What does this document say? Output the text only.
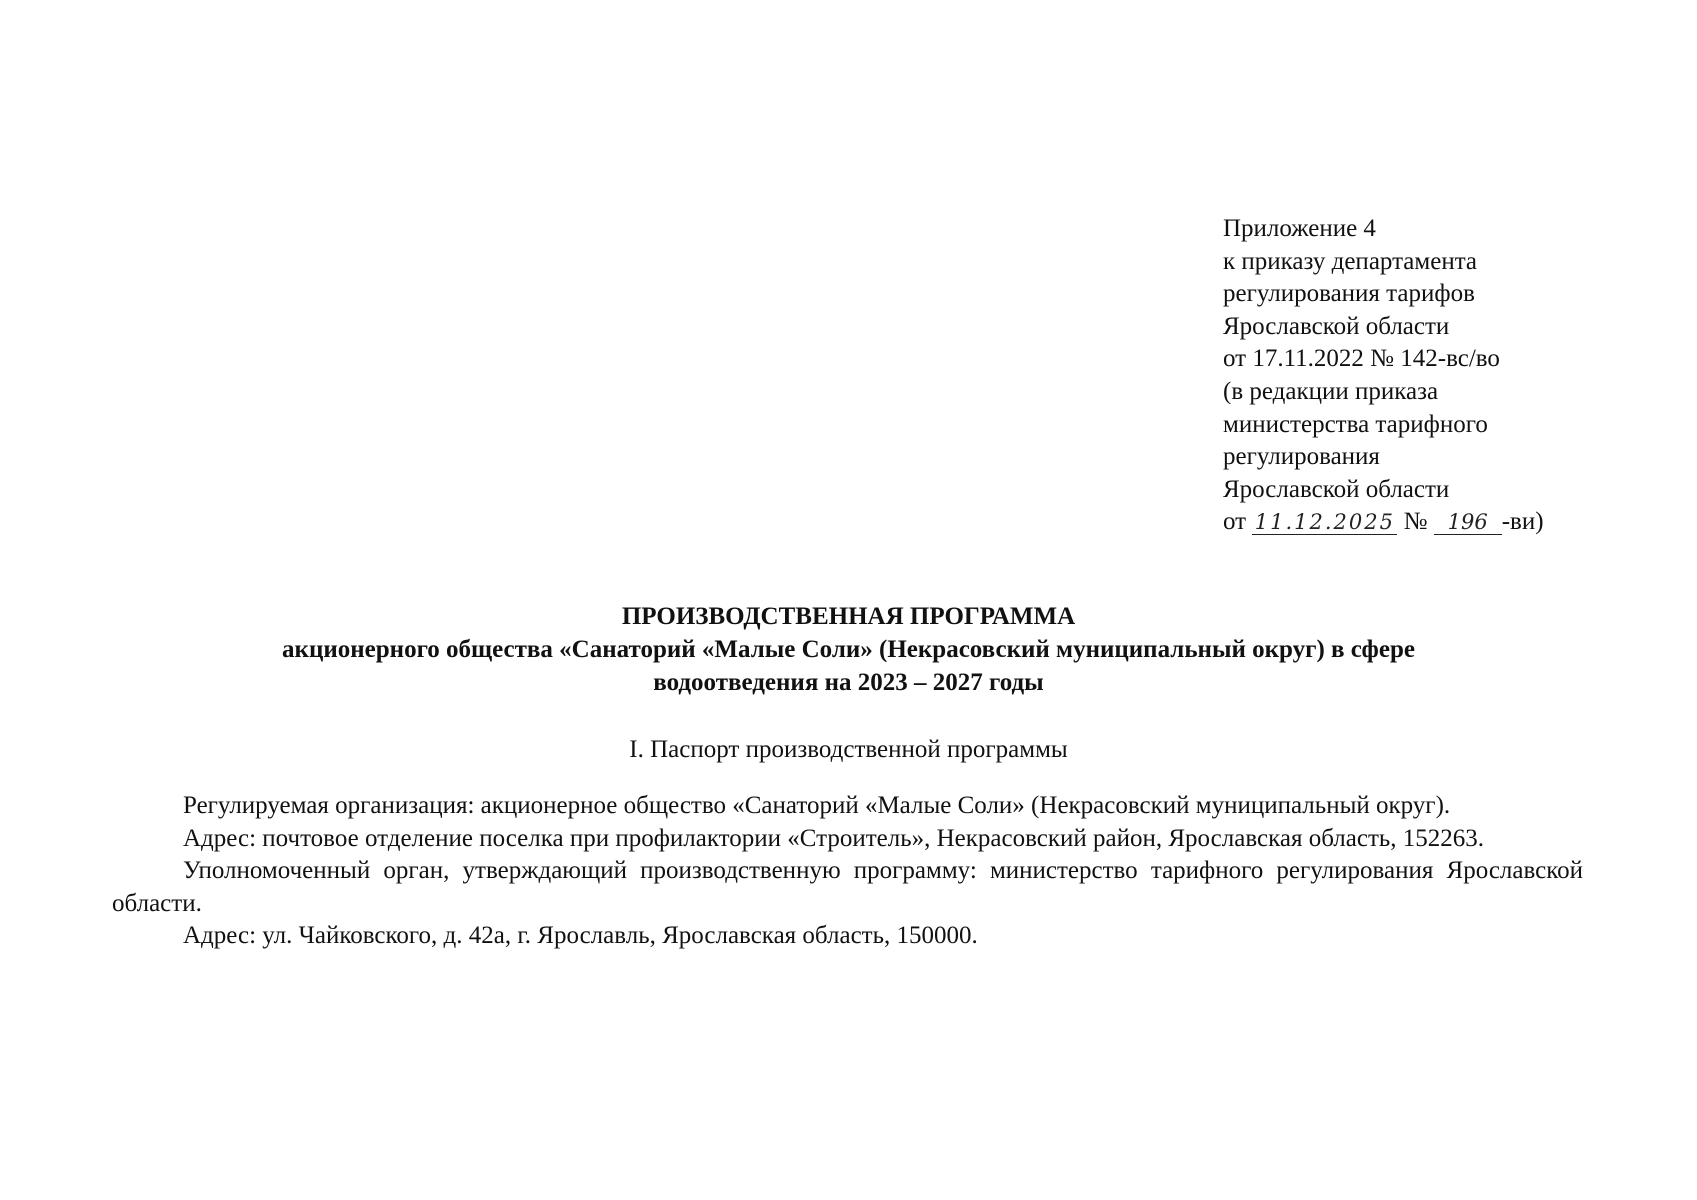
Приложение 4
к приказу департамента
регулирования тарифов
Ярославской области
от 17.11.2022 № 142-вс/во
(в редакции приказа
министерства тарифного
регулирования
Ярославской области
от 11.12.2025 № 196 -ви)
ПРОИЗВОДСТВЕННАЯ ПРОГРАММА
акционерного общества «Санаторий «Малые Соли» (Некрасовский муниципальный округ) в сфере
водоотведения на 2023 – 2027 годы
I. Паспорт производственной программы

Регулируемая организация: акционерное общество «Санаторий «Малые Соли» (Некрасовский муниципальный округ).

Адрес: почтовое отделение поселка при профилактории «Строитель», Некрасовский район, Ярославская область, 152263.

Уполномоченный орган, утверждающий производственную программу: министерство тарифного регулирования Ярославской области.

Адрес: ул. Чайковского, д. 42а, г. Ярославль, Ярославская область, 150000.
